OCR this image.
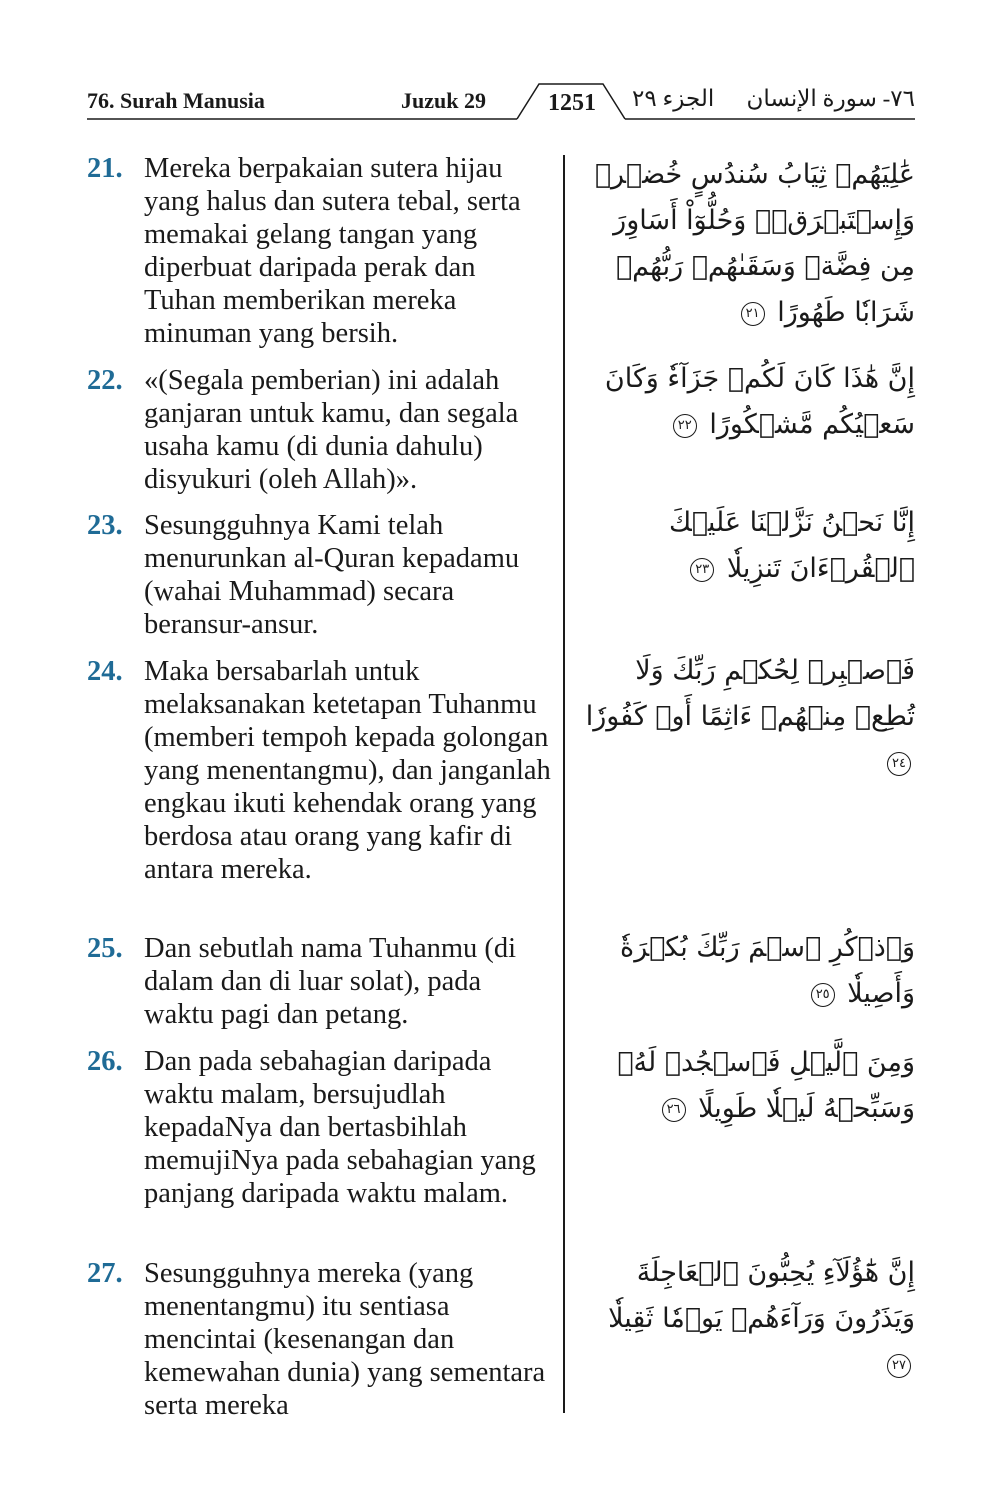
76. Surah Manusia	Juzuk 29	1251	الجزء ٢٩ ٧٦- سورة الإنسان
21. Mereka berpakaian sutera hijau yang halus dan sutera tebal, serta memakai gelang tangan yang diperbuat daripada perak dan Tuhan memberikan mereka minuman yang bersih.
عَٰلِيَهُمۡ ثِيَابُ سُندُسٍ خُضۡرٞ وَإِسۡتَبۡرَقٞۖ وَحُلُّوٓاْ أَسَاوِرَ مِن فِضَّةٖ وَسَقَىٰهُمۡ رَبُّهُمۡ شَرَابٗا طَهُورًا ٢١
22. «(Segala pemberian) ini adalah ganjaran untuk kamu, dan segala usaha kamu (di dunia dahulu) disyukuri (oleh Allah)».
إِنَّ هَٰذَا كَانَ لَكُمۡ جَزَآءٗ وَكَانَ سَعۡيُكُم مَّشۡكُورًا ٢٢
23. Sesungguhnya Kami telah menurunkan al-Quran kepadamu (wahai Muhammad) secara beransur-ansur.
إِنَّا نَحۡنُ نَزَّلۡنَا عَلَيۡكَ ٱلۡقُرۡءَانَ تَنزِيلٗا ٢٣
24. Maka bersabarlah untuk melaksanakan ketetapan Tuhanmu (memberi tempoh kepada golongan yang menentangmu), dan janganlah engkau ikuti kehendak orang yang berdosa atau orang yang kafir di antara mereka.
فَٱصۡبِرۡ لِحُكۡمِ رَبِّكَ وَلَا تُطِعۡ مِنۡهُمۡ ءَاثِمًا أَوۡ كَفُورٗا ٢٤
25. Dan sebutlah nama Tuhanmu (di dalam dan di luar solat), pada waktu pagi dan petang.
وَٱذۡكُرِ ٱسۡمَ رَبِّكَ بُكۡرَةٗ وَأَصِيلٗا ٢٥
26. Dan pada sebahagian daripada waktu malam, bersujudlah kepadaNya dan bertasbihlah memujiNya pada sebahagian yang panjang daripada waktu malam.
وَمِنَ ٱلَّيۡلِ فَٱسۡجُدۡ لَهُۥ وَسَبِّحۡهُ لَيۡلٗا طَوِيلًا ٢٦
27. Sesungguhnya mereka (yang menentangmu) itu sentiasa mencintai (kesenangan dan kemewahan dunia) yang sementara serta mereka
إِنَّ هَٰٓؤُلَآءِ يُحِبُّونَ ٱلۡعَاجِلَةَ وَيَذَرُونَ وَرَآءَهُمۡ يَوۡمٗا ثَقِيلٗا ٢٧
